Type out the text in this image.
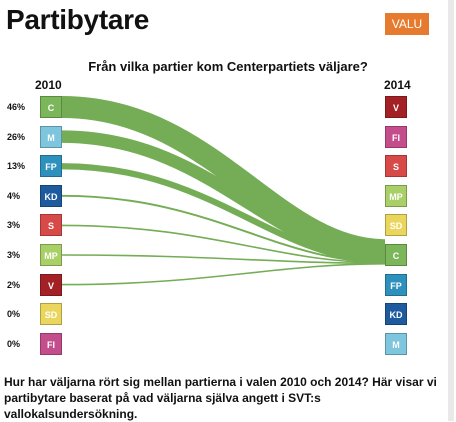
Partibytare	VALU
Från vilka partier kom Centerpartiets väljare?
2010	2014
46%	C
26%	M
13%	FP
4%	KD
3%	S
3%	MP
2%	V
0%	SD
0%	FI
V
FI
S
MP
SD
C
FP
KD
M
Hur har väljarna rört sig mellan partierna i valen 2010 och 2014? Här visar vi partibytare baserat på vad väljarna själva angett i SVT:s vallokalsundersökning.
